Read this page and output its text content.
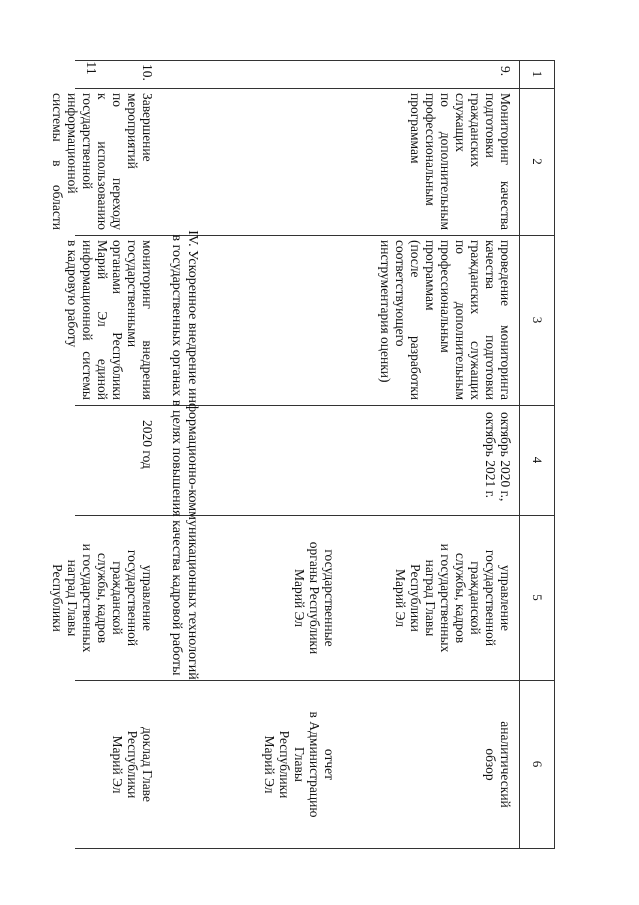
11	1
2
3
4
5
6
9.
Мониторинг
качества
подготовки
гражданских
служащих
по
дополнительным
профессиональным
программам
проведение
мониторинга
качества
подготовки
гражданских
служащих
по
дополнительным
профессиональным
программам
(после
разработки
соответствующего
инструментария оценки)
октябрь 2020 г.,
октябрь 2021 г.
управление
государственной
гражданской
службы, кадров
и государственных
наград Главы
Республики
Марий Эл
государственные
органы Республики
Марий Эл
аналитический
обзор
отчет
в Администрацию
Главы
Республики
Марий Эл
IV. Ускоренное внедрение информационно-коммуникационных технологий
в государственных органах в целях повышения качества кадровой работы
10.
Завершение
мероприятий
по
переходу
к
использованию
государственной
информационной
системы
в
области
мониторинг
внедрения
государственными
органами
Республики
Марий
Эл
единой
информационной
системы
в кадровую работу
2020 год
управление
государственной
гражданской
службы, кадров
и государственных
наград Главы
Республики
доклад Главе
Республики
Марий Эл
